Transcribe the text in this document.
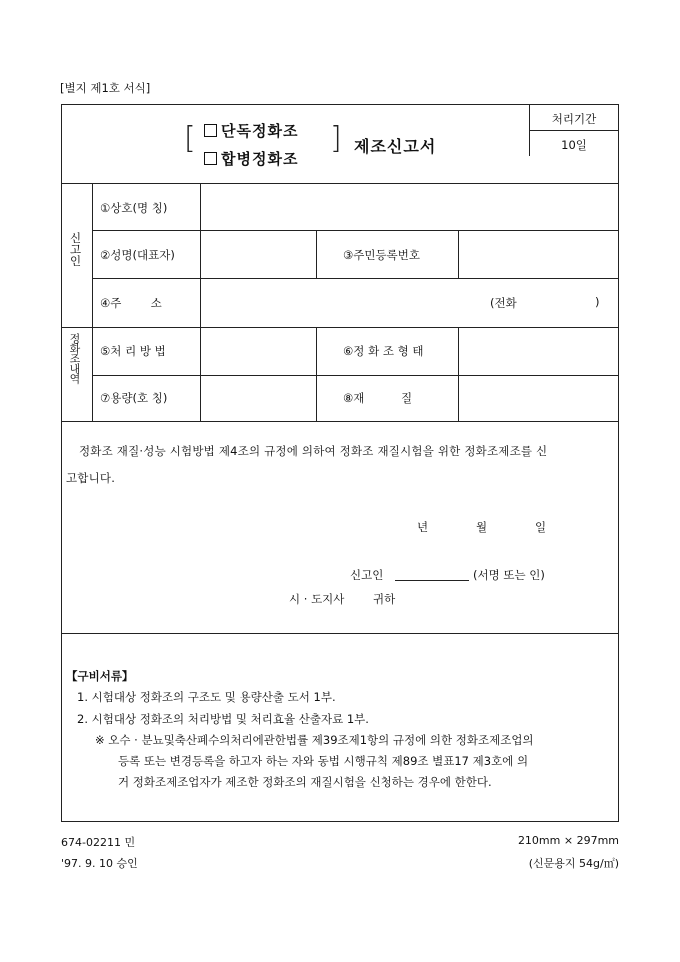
[별지 제1호 서식]
[	단독정화조
합병정화조
] 제조신고서
처리기간
10일
신고인
①상호(명 칭)
②성명(대표자)	③주민등록번호
④주        소	(전화	)
정화조내역 ⑤처 리 방 법	⑥정 화 조 형 태
⑦용량(호 칭)	⑧재          질
정화조 재질·성능 시험방법 제4조의 규정에 의하여 정화조 재질시험을 위한 정화조제조를 신
고합니다.
년	월	일
신고인	(서명 또는 인)
시 · 도지사 귀하
【구비서류】
1. 시험대상 정화조의 구조도 및 용량산출 도서 1부.
2. 시험대상 정화조의 처리방법 및 처리효율 산출자료 1부.
※ 오수 · 분뇨및축산폐수의처리에관한법률 제39조제1항의 규정에 의한 정화조제조업의
등록 또는 변경등록을 하고자 하는 자와 동법 시행규칙 제89조 별표17 제3호에 의
거 정화조제조업자가 제조한 정화조의 재질시험을 신청하는 경우에 한한다.
674-02211 민
'97. 9. 10 승인
210mm × 297mm
(신문용지 54g/㎡)
